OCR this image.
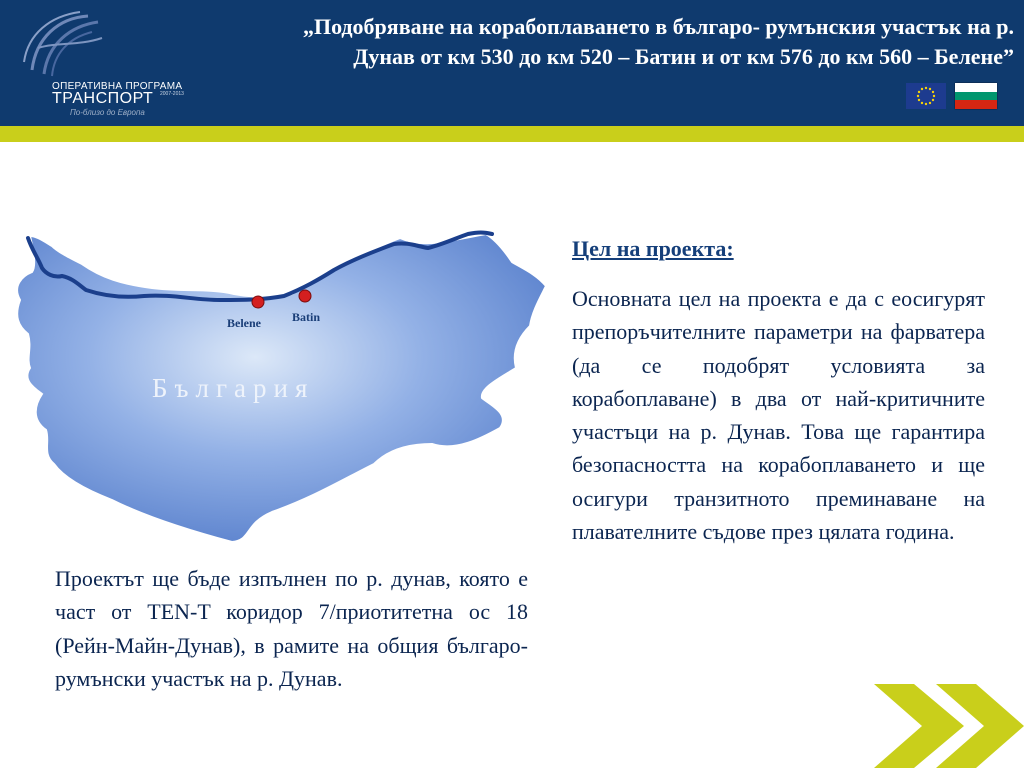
ОПЕРАТИВНА ПРОГРАМА
ТРАНСПОРТ 2007-2013
По-близо до Европа
„Подобряване на корабоплаването в българо- румънския участък на р.
Дунав от км 530 до км 520 – Батин и от км 576 до км 560 – Белене”
България
Belene	Batin
Цел на проекта:
Основната цел на проекта е да с еосигурят препоръчителните параметри на фарватера (да се подобрят условията за корабоплаване) в два от най-критичните участъци на р. Дунав. Това ще гарантира безопасността на корабоплаването и ще осигури транзитното преминаване на плавателните съдове през цялата година.
Проектът ще бъде изпълнен по р. дунав, която е част от TEN-T коридор 7/приотитетна ос 18 (Рейн-Майн-Дунав), в рамите на общия българо-румънски участък на р. Дунав.
